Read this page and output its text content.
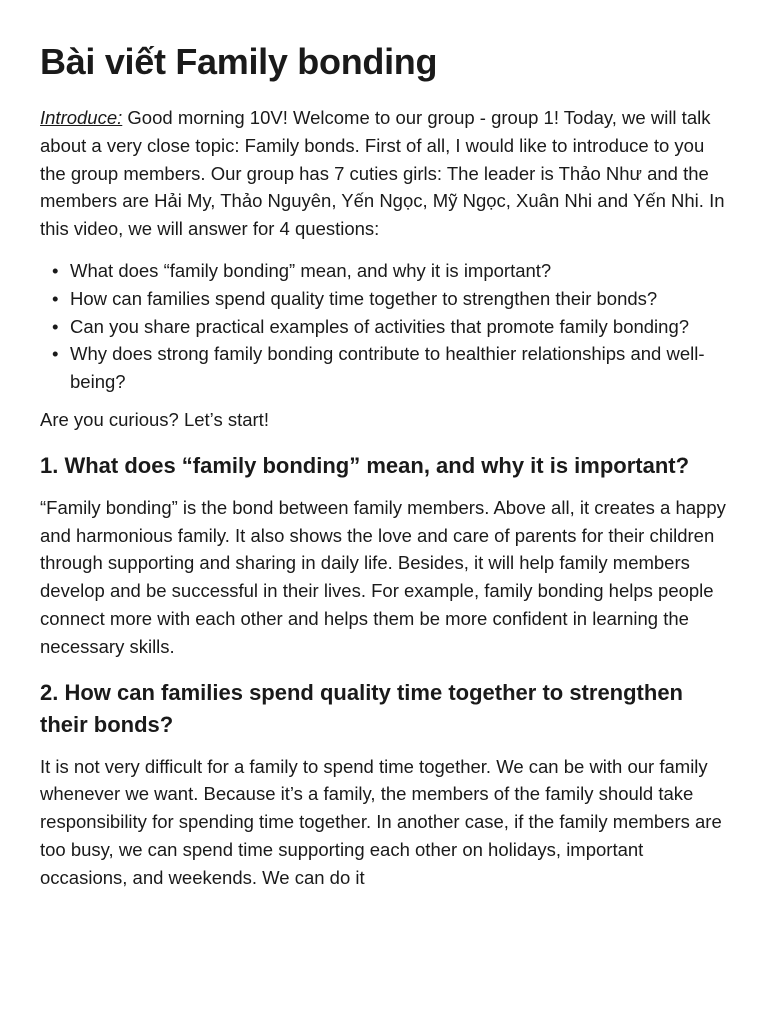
Bài viết Family bonding

Introduce: Good morning 10V! Welcome to our group - group 1! Today, we will talk about a very close topic: Family bonds. First of all, I would like to introduce to you the group members. Our group has 7 cuties girls: The leader is Thảo Như and the members are Hải My, Thảo Nguyên, Yến Ngọc, Mỹ Ngọc, Xuân Nhi and Yến Nhi. In this video, we will answer for 4 questions:

• What does “family bonding” mean, and why it is important?
• How can families spend quality time together to strengthen their bonds?
• Can you share practical examples of activities that promote family bonding?
• Why does strong family bonding contribute to healthier relationships and well-being?

Are you curious? Let’s start!

1. What does “family bonding” mean, and why it is important?

“Family bonding” is the bond between family members. Above all, it creates a happy and harmonious family. It also shows the love and care of parents for their children through supporting and sharing in daily life. Besides, it will help family members develop and be successful in their lives. For example, family bonding helps people connect more with each other and helps them be more confident in learning the necessary skills.

2. How can families spend quality time together to strengthen their bonds?

It is not very difficult for a family to spend time together. We can be with our family whenever we want. Because it’s a family, the members of the family should take responsibility for spending time together. In another case, if the family members are too busy, we can spend time supporting each other on holidays, important occasions, and weekends. We can do it
